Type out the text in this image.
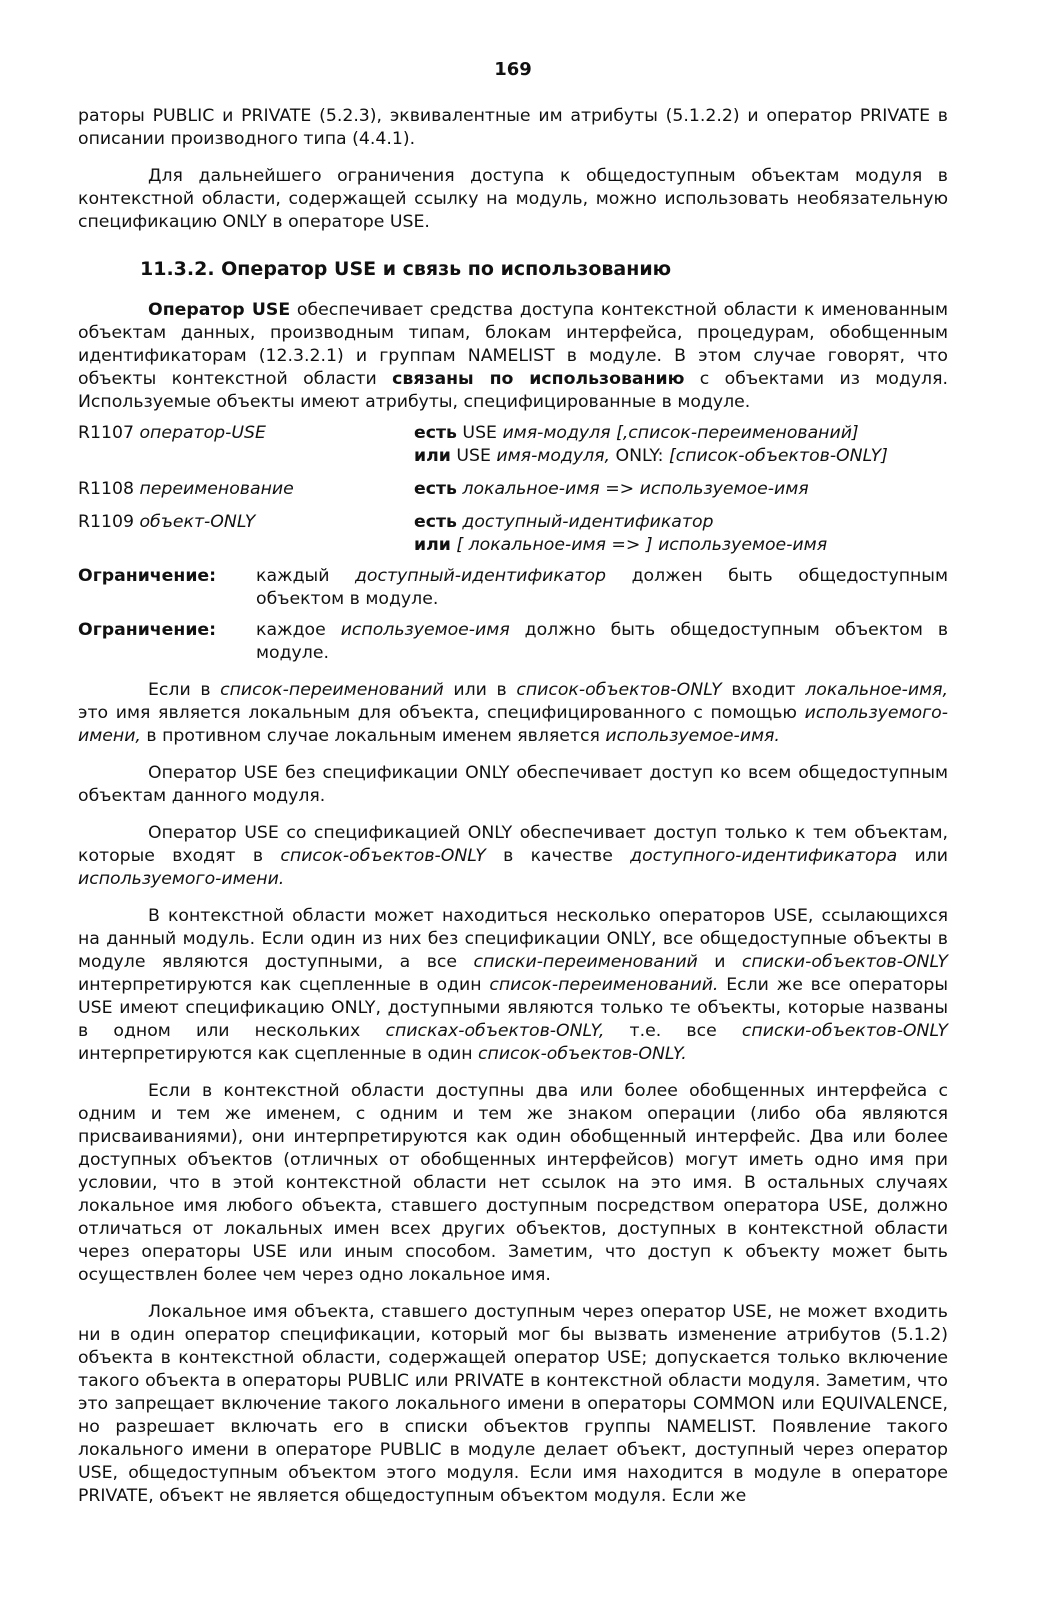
169

раторы PUBLIC и PRIVATE (5.2.3), эквивалентные им атрибуты (5.1.2.2) и оператор PRIVATE в описании производного типа (4.4.1).

Для дальнейшего ограничения доступа к общедоступным объектам модуля в контекстной области, содержащей ссылку на модуль, можно использовать необязательную спецификацию ONLY в операторе USE.

11.3.2. Оператор USE и связь по использованию

Оператор USE обеспечивает средства доступа контекстной области к именованным объектам данных, производным типам, блокам интерфейса, процедурам, обобщенным идентификаторам (12.3.2.1) и группам NAMELIST в модуле. В этом случае говорят, что объекты контекстной области связаны по использованию с объектами из модуля. Используемые объекты имеют атрибуты, специфицированные в модуле.

R1107 оператор-USE	есть USE имя-модуля [,список-переименований]
или USE имя-модуля, ONLY: [список-объектов-ONLY]
R1108 переименование	есть локальное-имя => используемое-имя
R1109 объект-ONLY	есть доступный-идентификатор
или [ локальное-имя => ] используемое-имя
Ограничение:	каждый доступный-идентификатор должен быть общедоступным объектом в модуле.
Ограничение:	каждое используемое-имя должно быть общедоступным объектом в модуле.

Если в список-переименований или в список-объектов-ONLY входит локальное-имя, это имя является локальным для объекта, специфицированного с помощью используемого-имени, в противном случае локальным именем является используемое-имя.

Оператор USE без спецификации ONLY обеспечивает доступ ко всем общедоступным объектам данного модуля.

Оператор USE со спецификацией ONLY обеспечивает доступ только к тем объектам, которые входят в список-объектов-ONLY в качестве доступного-идентификатора или используемого-имени.

В контекстной области может находиться несколько операторов USE, ссылающихся на данный модуль. Если один из них без спецификации ONLY, все общедоступные объекты в модуле являются доступными, а все списки-переименований и списки-объектов-ONLY интерпретируются как сцепленные в один список-переименований. Если же все операторы USE имеют спецификацию ONLY, доступными являются только те объекты, которые названы в одном или нескольких списках-объектов-ONLY, т.е. все списки-объектов-ONLY интерпретируются как сцепленные в один список-объектов-ONLY.

Если в контекстной области доступны два или более обобщенных интерфейса с одним и тем же именем, с одним и тем же знаком операции (либо оба являются присваиваниями), они интерпретируются как один обобщенный интерфейс. Два или более доступных объектов (отличных от обобщенных интерфейсов) могут иметь одно имя при условии, что в этой контекстной области нет ссылок на это имя. В остальных случаях локальное имя любого объекта, ставшего доступным посредством оператора USE, должно отличаться от локальных имен всех других объектов, доступных в контекстной области через операторы USE или иным способом. Заметим, что доступ к объекту может быть осуществлен более чем через одно локальное имя.

Локальное имя объекта, ставшего доступным через оператор USE, не может входить ни в один оператор спецификации, который мог бы вызвать изменение атрибутов (5.1.2) объекта в контекстной области, содержащей оператор USE; допускается только включение такого объекта в операторы PUBLIC или PRIVATE в контекстной области модуля. Заметим, что это запрещает включение такого локального имени в операторы COMMON или EQUIVALENCE, но разрешает включать его в списки объектов группы NAMELIST. Появление такого локального имени в операторе PUBLIC в модуле делает объект, доступный через оператор USE, общедоступным объектом этого модуля. Если имя находится в модуле в операторе PRIVATE, объект не является общедоступным объектом модуля. Если же
